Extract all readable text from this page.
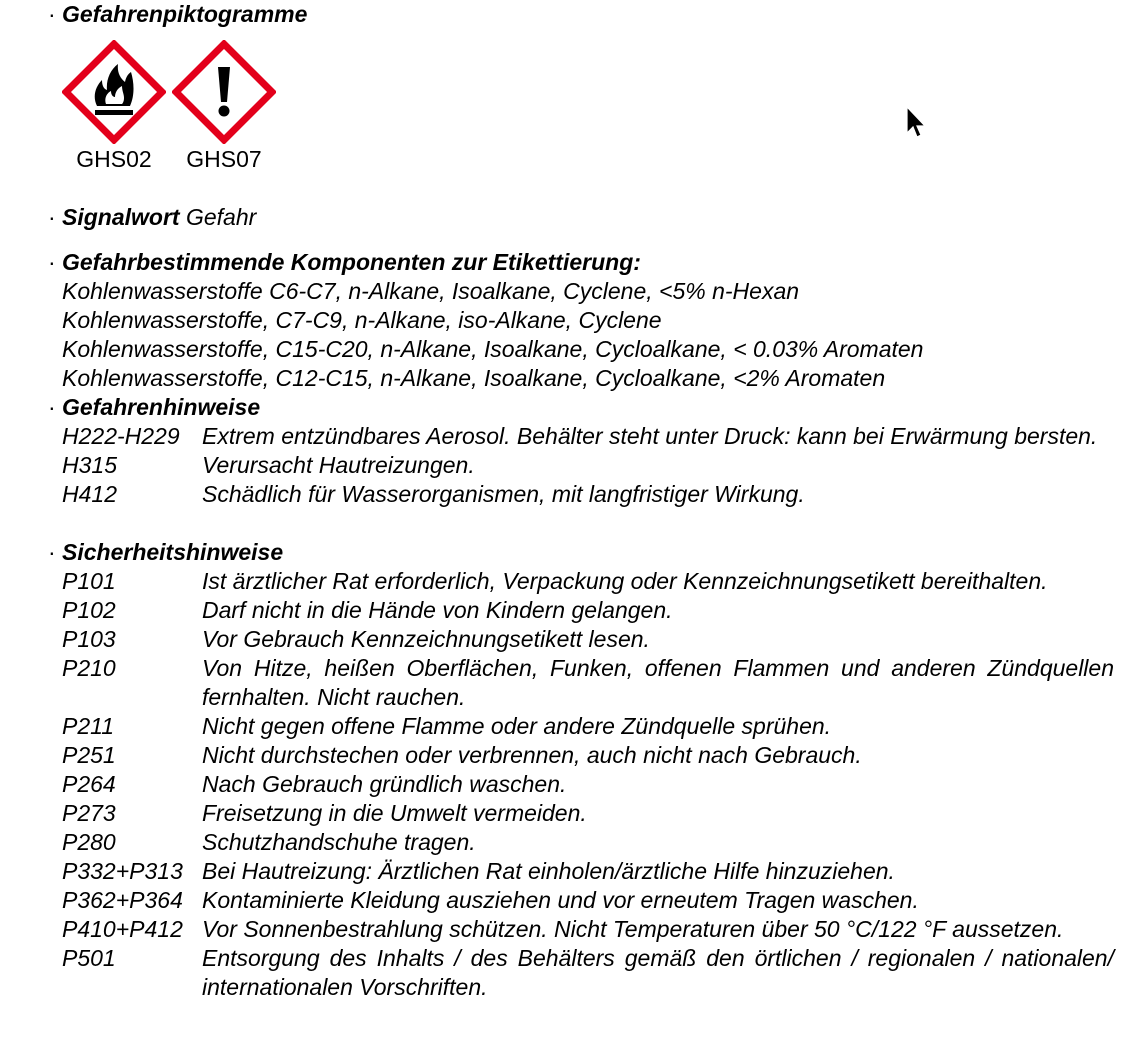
· Gefahrenpiktogramme
GHS02	GHS07
· Signalwort Gefahr
· Gefahrbestimmende Komponenten zur Etikettierung:
Kohlenwasserstoffe C6-C7, n-Alkane, Isoalkane, Cyclene, <5% n-Hexan
Kohlenwasserstoffe, C7-C9, n-Alkane, iso-Alkane, Cyclene
Kohlenwasserstoffe, C15-C20, n-Alkane, Isoalkane, Cycloalkane, < 0.03% Aromaten
Kohlenwasserstoffe, C12-C15, n-Alkane, Isoalkane, Cycloalkane, <2% Aromaten
· Gefahrenhinweise
H222-H229 Extrem entzündbares Aerosol. Behälter steht unter Druck: kann bei Erwärmung bersten.
H315	Verursacht Hautreizungen.
H412	Schädlich für Wasserorganismen, mit langfristiger Wirkung.
· Sicherheitshinweise
P101	Ist ärztlicher Rat erforderlich, Verpackung oder Kennzeichnungsetikett bereithalten.
P102	Darf nicht in die Hände von Kindern gelangen.
P103	Vor Gebrauch Kennzeichnungsetikett lesen.
P210	Von Hitze, heißen Oberflächen, Funken, offenen Flammen und anderen Zündquellen fernhalten. Nicht rauchen.
P211	Nicht gegen offene Flamme oder andere Zündquelle sprühen.
P251	Nicht durchstechen oder verbrennen, auch nicht nach Gebrauch.
P264	Nach Gebrauch gründlich waschen.
P273	Freisetzung in die Umwelt vermeiden.
P280	Schutzhandschuhe tragen.
P332+P313 Bei Hautreizung: Ärztlichen Rat einholen/ärztliche Hilfe hinzuziehen.
P362+P364 Kontaminierte Kleidung ausziehen und vor erneutem Tragen waschen.
P410+P412 Vor Sonnenbestrahlung schützen. Nicht Temperaturen über 50 °C/122 °F aussetzen.
P501	Entsorgung des Inhalts / des Behälters gemäß den örtlichen / regionalen / nationalen/ internationalen Vorschriften.
